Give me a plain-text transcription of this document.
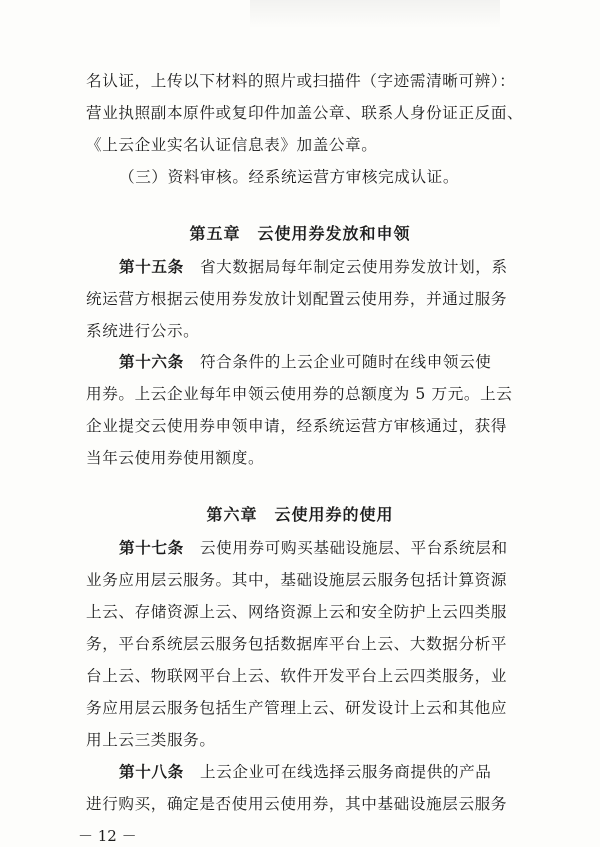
名认证，上传以下材料的照片或扫描件（字迹需清晰可辨）：
营业执照副本原件或复印件加盖公章、联系人身份证正反面、
《上云企业实名认证信息表》加盖公章。
（三）资料审核。经系统运营方审核完成认证。
第五章　云使用券发放和申领
第十五条　省大数据局每年制定云使用券发放计划，系
统运营方根据云使用券发放计划配置云使用券，并通过服务
系统进行公示。
第十六条　符合条件的上云企业可随时在线申领云使
用券。上云企业每年申领云使用券的总额度为 5 万元。上云
企业提交云使用券申领申请，经系统运营方审核通过，获得
当年云使用券使用额度。
第六章　云使用券的使用
第十七条　云使用券可购买基础设施层、平台系统层和
业务应用层云服务。其中，基础设施层云服务包括计算资源
上云、存储资源上云、网络资源上云和安全防护上云四类服
务，平台系统层云服务包括数据库平台上云、大数据分析平
台上云、物联网平台上云、软件开发平台上云四类服务，业
务应用层云服务包括生产管理上云、研发设计上云和其他应
用上云三类服务。
第十八条　上云企业可在线选择云服务商提供的产品
进行购买，确定是否使用云使用券，其中基础设施层云服务
－ 12 －
